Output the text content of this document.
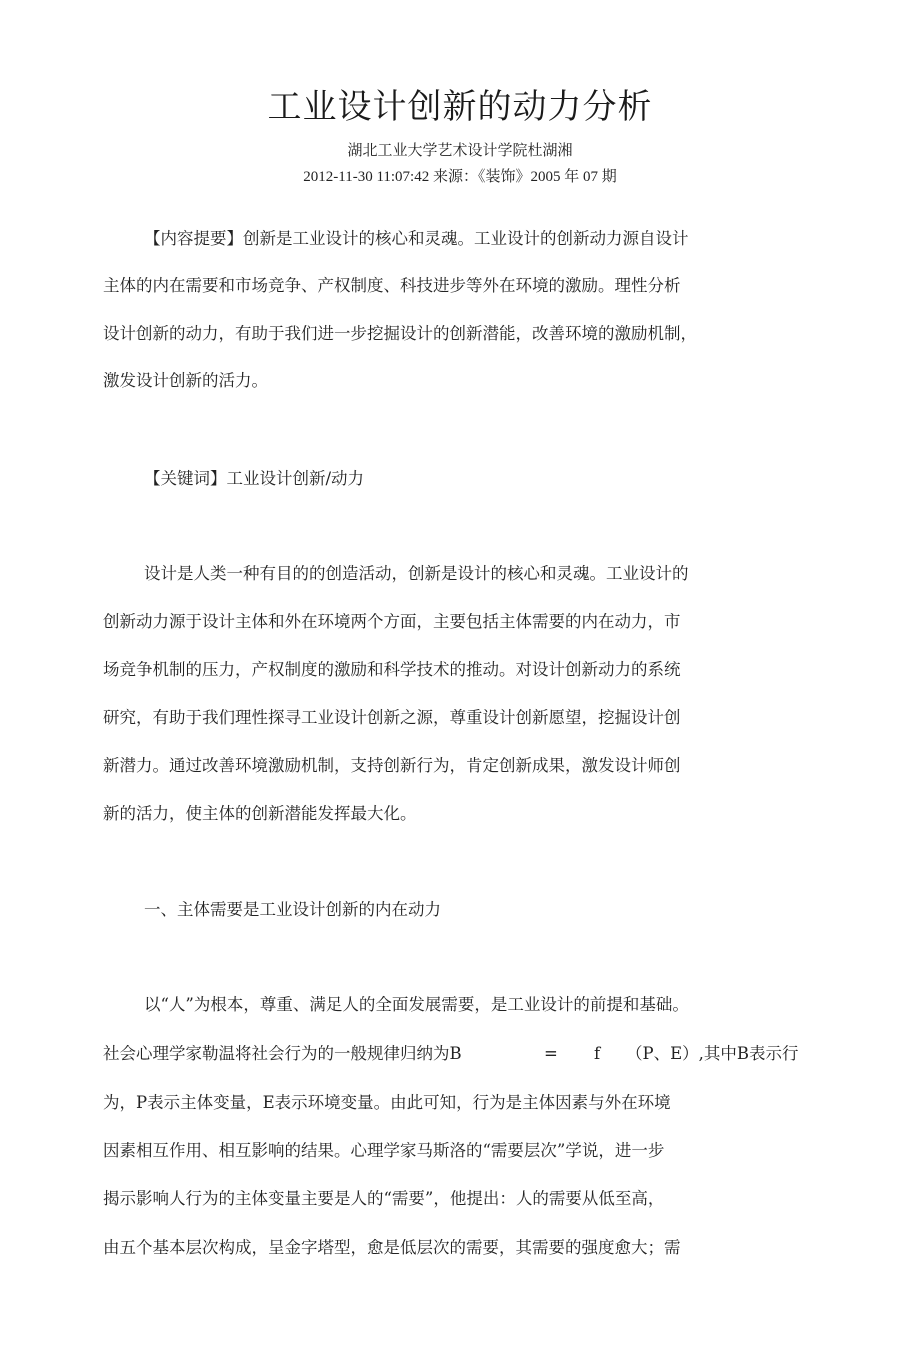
工业设计创新的动力分析
湖北工业大学艺术设计学院杜湖湘
2012-11-30 11:07:42 来源：《装饰》2005 年 07 期
【内容提要】创新是工业设计的核心和灵魂。工业设计的创新动力源自设计
主体的内在需要和市场竞争、产权制度、科技进步等外在环境的激励。理性分析
设计创新的动力，有助于我们进一步挖掘设计的创新潜能，改善环境的激励机制，
激发设计创新的活力。
【关键词】工业设计创新/动力
设计是人类一种有目的的创造活动，创新是设计的核心和灵魂。工业设计的
创新动力源于设计主体和外在环境两个方面，主要包括主体需要的内在动力，市
场竞争机制的压力，产权制度的激励和科学技术的推动。对设计创新动力的系统
研究，有助于我们理性探寻工业设计创新之源，尊重设计创新愿望，挖掘设计创
新潜力。通过改善环境激励机制，支持创新行为，肯定创新成果，激发设计师创
新的活力，使主体的创新潜能发挥最大化。
一、主体需要是工业设计创新的内在动力
以“人”为根本，尊重、满足人的全面发展需要，是工业设计的前提和基础。
社会心理学家勒温将社会行为的一般规律归纳为B	= f （P、E）,其中B表示行
为，P表示主体变量，E表示环境变量。由此可知，行为是主体因素与外在环境
因素相互作用、相互影响的结果。心理学家马斯洛的“需要层次”学说，进一步
揭示影响人行为的主体变量主要是人的“需要”，他提出：人的需要从低至高，
由五个基本层次构成，呈金字塔型，愈是低层次的需要，其需要的强度愈大；需
